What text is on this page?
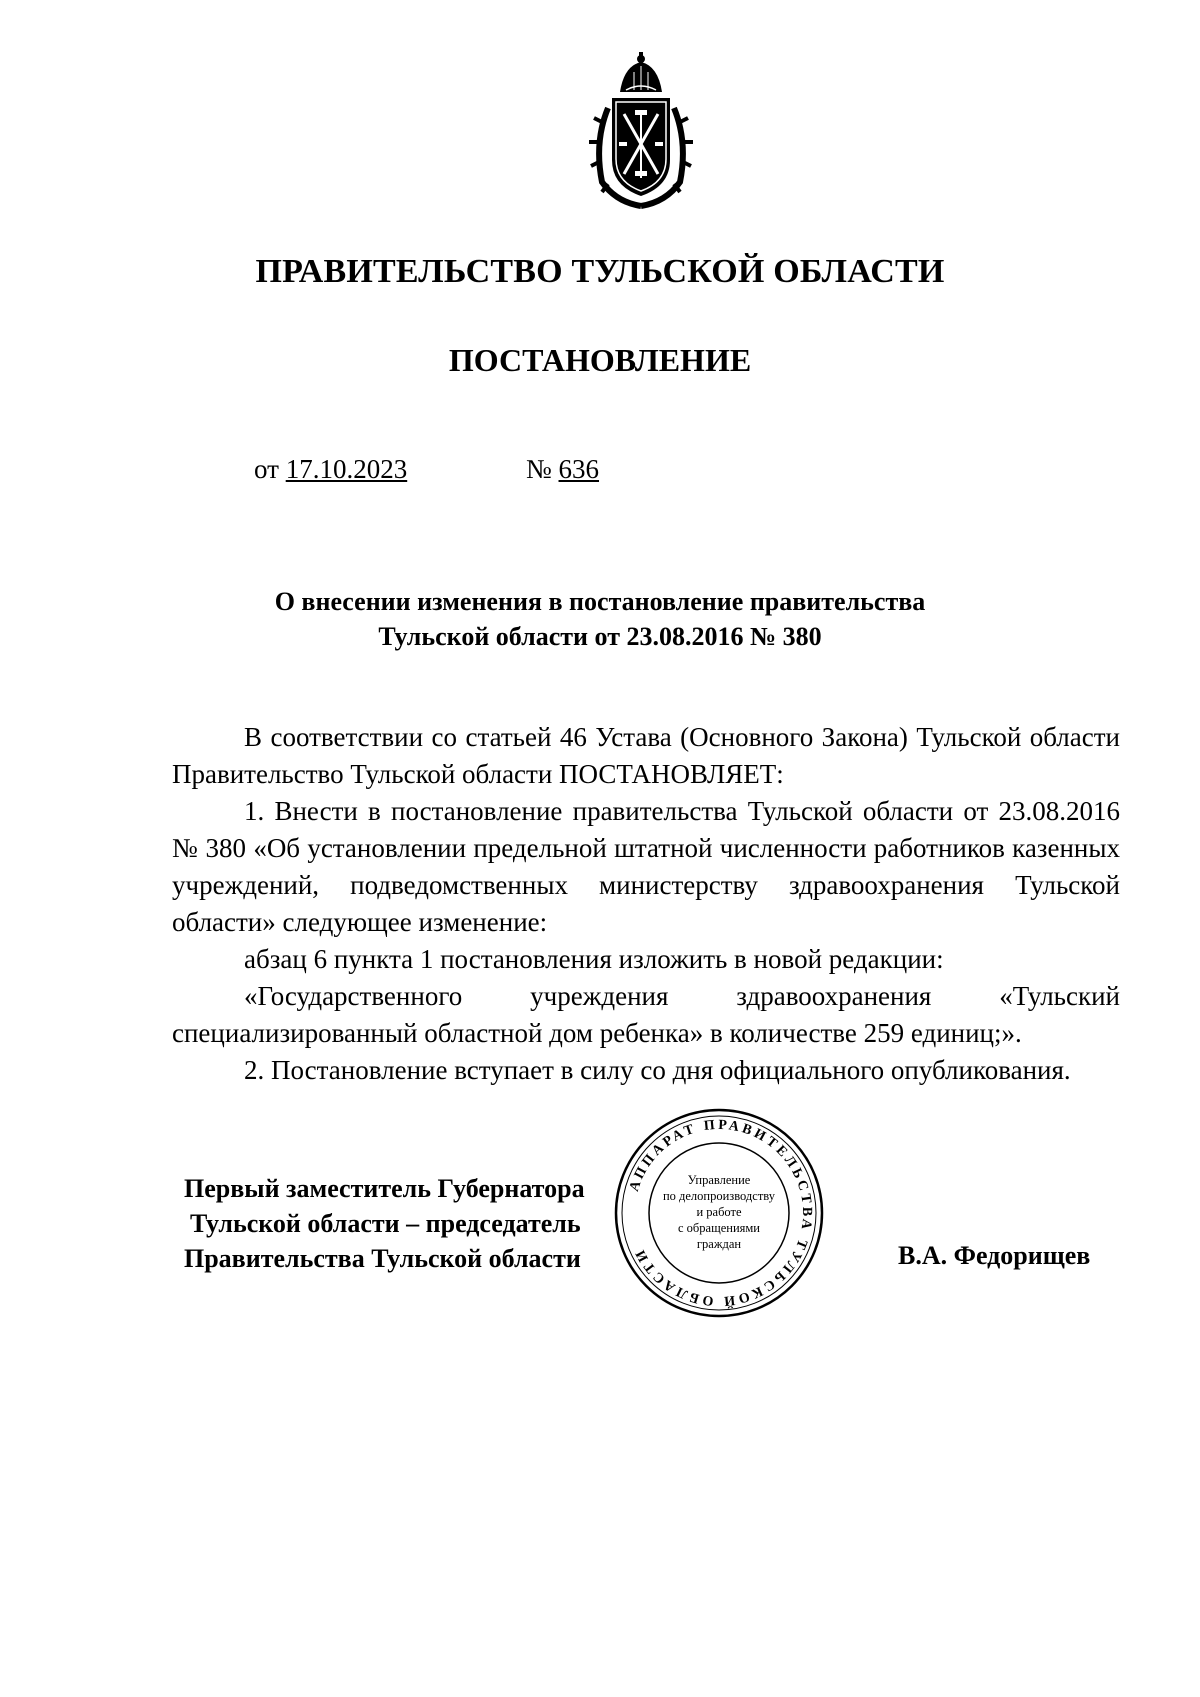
ПРАВИТЕЛЬСТВО ТУЛЬСКОЙ ОБЛАСТИ
ПОСТАНОВЛЕНИЕ
от 17.10.2023	№ 636
О внесении изменения в постановление правительства
Тульской области от 23.08.2016 № 380

В соответствии со статьей 46 Устава (Основного Закона) Тульской области Правительство Тульской области ПОСТАНОВЛЯЕТ:

1. Внести в постановление правительства Тульской области от 23.08.2016 № 380 «Об установлении предельной штатной численности работников казенных учреждений, подведомственных министерству здравоохранения Тульской области» следующее изменение:

абзац 6 пункта 1 постановления изложить в новой редакции:

«Государственного учреждения здравоохранения «Тульский специализированный областной дом ребенка» в количестве 259 единиц;».

2. Постановление вступает в силу со дня официального опубликования.

Первый заместитель Губернатора
Тульской области – председатель
Правительства Тульской области	В.А. Федорищев
АППАРАТ ПРАВИТЕЛЬСТВА ТУЛЬСКОЙ ОБЛАСТИ
Управление
по делопроизводству
и работе
с обращениями
граждан
